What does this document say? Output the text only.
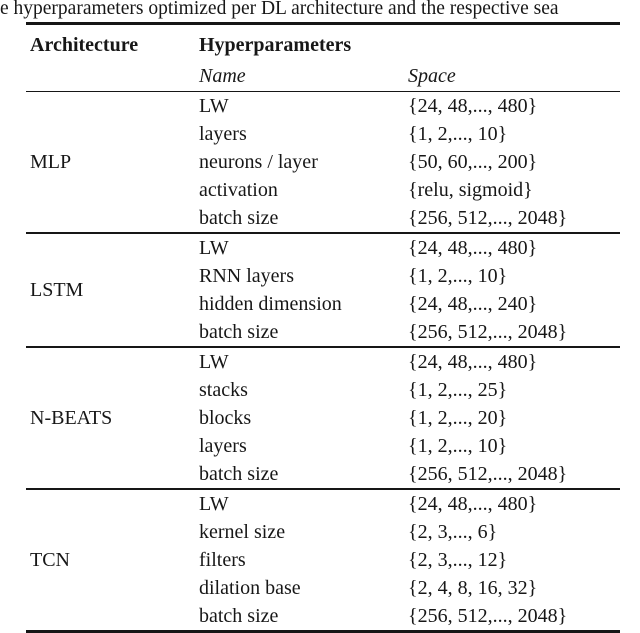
e hyperparameters optimized per DL architecture and the respective sea
Architecture	Hyperparameters
Name	Space
MLP
LW	{24, 48,..., 480}
layers	{1, 2,..., 10}
neurons / layer	{50, 60,..., 200}
activation	{relu, sigmoid}
batch size	{256, 512,..., 2048}
LSTM
LW	{24, 48,..., 480}
RNN layers	{1, 2,..., 10}
hidden dimension	{24, 48,..., 240}
batch size	{256, 512,..., 2048}
N-BEATS
LW	{24, 48,..., 480}
stacks	{1, 2,..., 25}
blocks	{1, 2,..., 20}
layers	{1, 2,..., 10}
batch size	{256, 512,..., 2048}
TCN
LW	{24, 48,..., 480}
kernel size	{2, 3,..., 6}
filters	{2, 3,..., 12}
dilation base	{2, 4, 8, 16, 32}
batch size	{256, 512,..., 2048}
